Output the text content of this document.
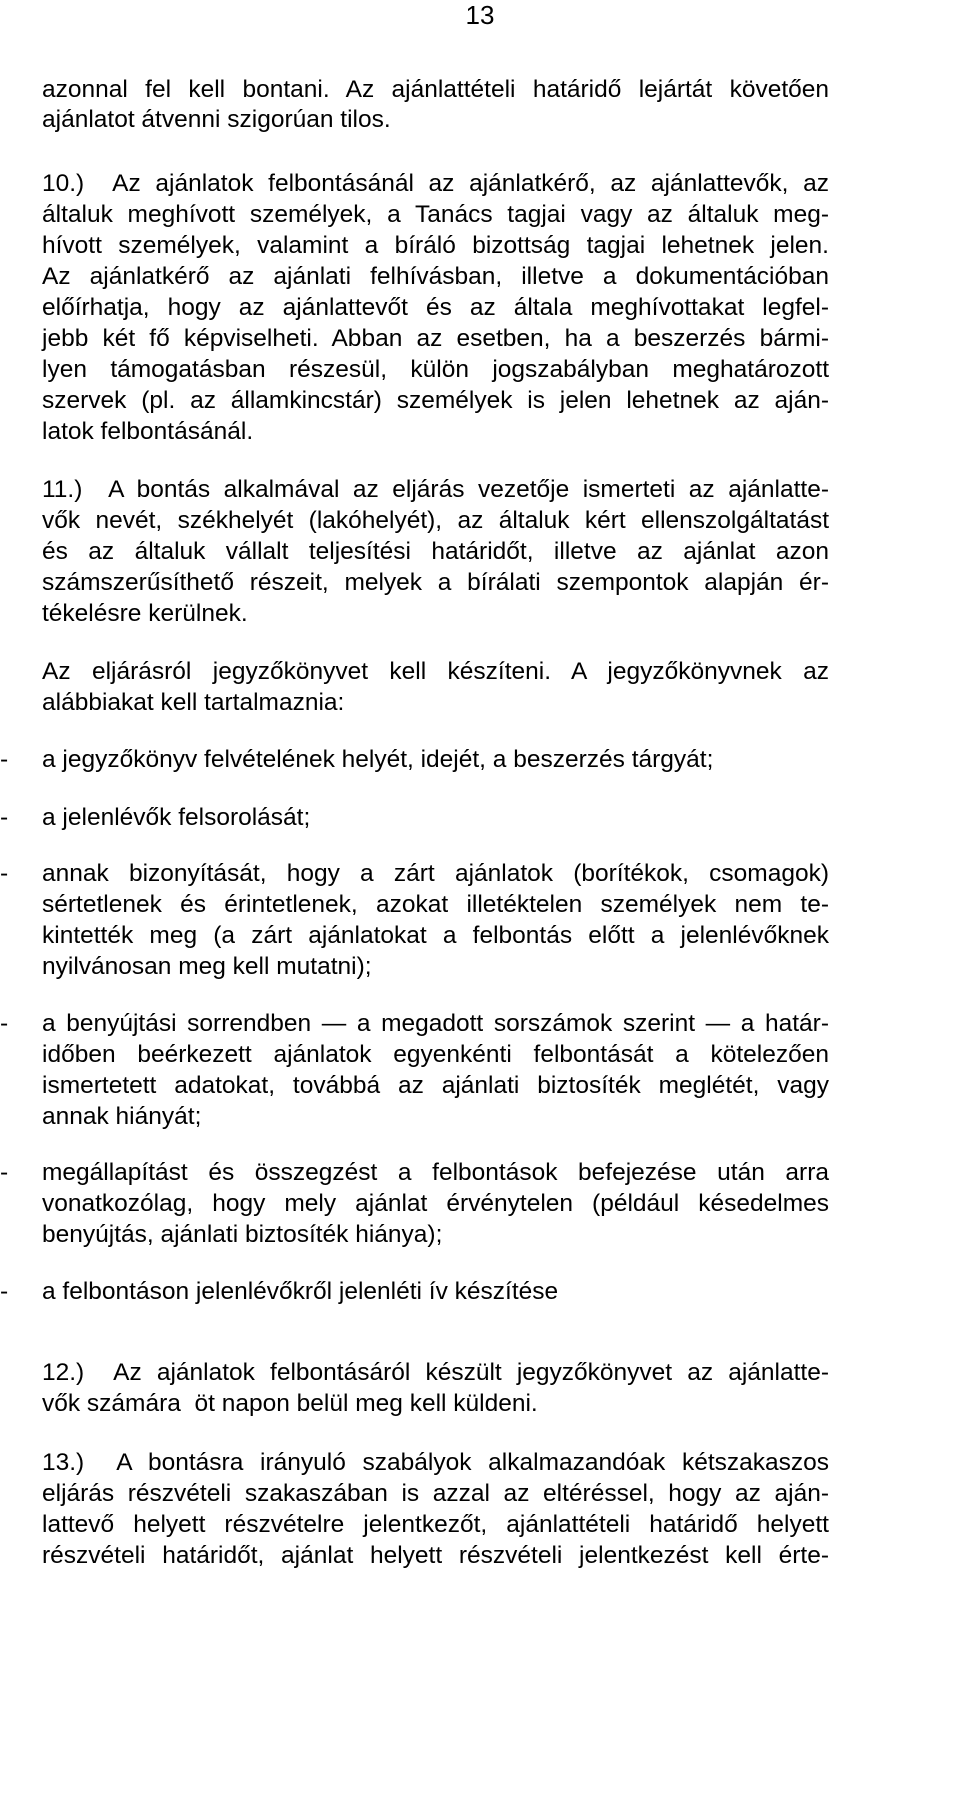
13
azonnal fel kell bontani. Az ajánlattételi határidő lejártát követően
ajánlatot átvenni szigorúan tilos.
10.)  Az ajánlatok felbontásánál az ajánlatkérő, az ajánlattevők, az
általuk meghívott személyek, a Tanács tagjai vagy az általuk meg-
hívott személyek, valamint a bíráló bizottság tagjai lehetnek jelen.
Az ajánlatkérő az ajánlati felhívásban, illetve a dokumentációban
előírhatja, hogy az ajánlattevőt és az általa meghívottakat legfel-
jebb két fő képviselheti. Abban az esetben, ha a beszerzés bármi-
lyen támogatásban részesül, külön jogszabályban meghatározott
szervek (pl. az államkincstár) személyek is jelen lehetnek az aján-
latok felbontásánál.
11.)  A bontás alkalmával az eljárás vezetője ismerteti az ajánlatte-
vők nevét, székhelyét (lakóhelyét), az általuk kért ellenszolgáltatást
és az általuk vállalt teljesítési határidőt, illetve az ajánlat azon
számszerűsíthető részeit, melyek a bírálati szempontok alapján ér-
tékelésre kerülnek.
Az eljárásról jegyzőkönyvet kell készíteni. A jegyzőkönyvnek az
alábbiakat kell tartalmaznia:
- a jegyzőkönyv felvételének helyét, idejét, a beszerzés tárgyát;
- a jelenlévők felsorolását;
- annak bizonyítását, hogy a zárt ajánlatok (borítékok, csomagok)
sértetlenek és érintetlenek, azokat illetéktelen személyek nem te-
kintették meg (a zárt ajánlatokat a felbontás előtt a jelenlévőknek
nyilvánosan meg kell mutatni);
- a benyújtási sorrendben — a megadott sorszámok szerint — a határ-
időben beérkezett ajánlatok egyenkénti felbontását a kötelezően
ismertetett adatokat, továbbá az ajánlati biztosíték meglétét, vagy
annak hiányát;
- megállapítást és összegzést a felbontások befejezése után arra
vonatkozólag, hogy mely ajánlat érvénytelen (például késedelmes
benyújtás, ajánlati biztosíték hiánya);
- a felbontáson jelenlévőkről jelenléti ív készítése
12.)  Az ajánlatok felbontásáról készült jegyzőkönyvet az ajánlatte-
vők számára  öt napon belül meg kell küldeni.
13.)  A bontásra irányuló szabályok alkalmazandóak kétszakaszos
eljárás részvételi szakaszában is azzal az eltéréssel, hogy az aján-
lattevő helyett részvételre jelentkezőt, ajánlattételi határidő helyett
részvételi határidőt, ajánlat helyett részvételi jelentkezést kell érte-
